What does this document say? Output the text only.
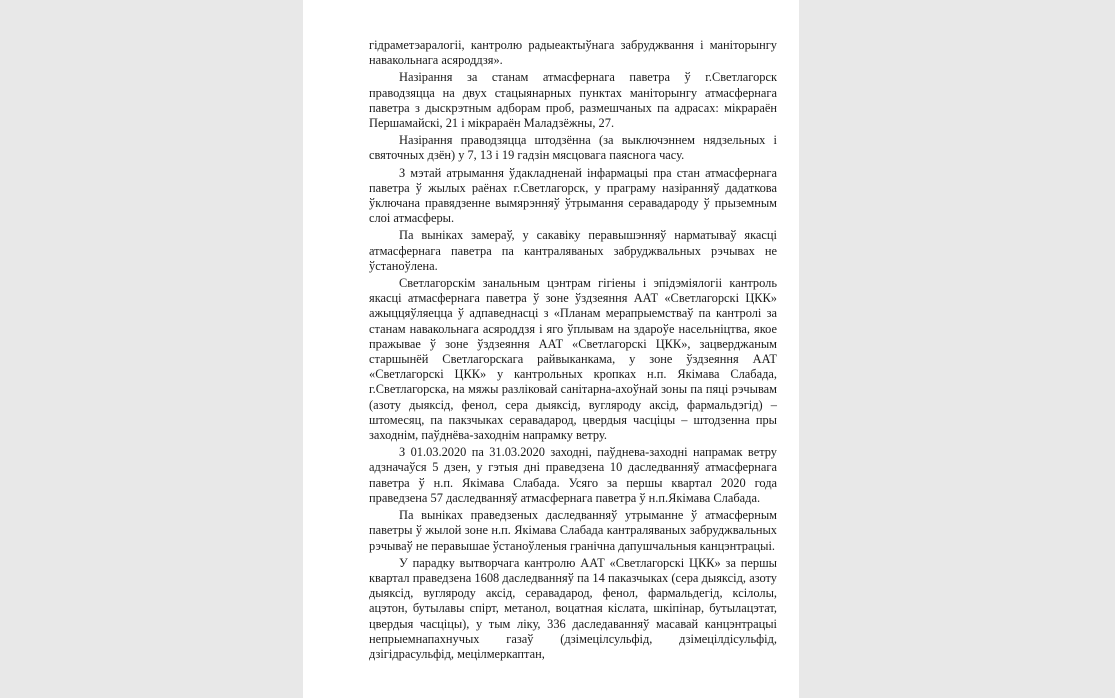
гідраметэаралогіі, кантролю радыеактыўнага забруджвання і маніторынгу навакольнага асяроддзя».

Назірання за станам атмасфернага паветра ў г.Светлагорск праводзяцца на двух стацыянарных пунктах маніторынгу атмасфернага паветра з дыскрэтным адборам проб, размешчаных па адрасах: мікрараён Першамайскі, 21 і мікрараён Маладзёжны, 27.

Назірання праводзяцца штодзённа (за выключэннем нядзельных і святочных дзён) у 7, 13 і 19 гадзін мясцовага паяснога часу.

З мэтай атрымання ўдакладненай інфармацыі пра стан атмасфернага паветра ў жылых раёнах г.Светлагорск, у праграму назіранняў дадаткова ўключана правядзенне вымярэнняў ўтрымання серавадароду ў прыземным слоі атмасферы.

Па выніках замераў, у сакавіку перавышэнняў нарматываў якасці атмасфернага паветра па кантраляваных забруджвальных рэчывах не ўстаноўлена.

Светлагорскім занальным цэнтрам гігіены і эпідэміялогіі кантроль якасці атмасфернага паветра ў зоне ўздзеяння ААТ «Светлагорскі ЦКК» ажыццяўляецца ў адпаведнасці з «Планам мерапрыемстваў па кантролі за станам навакольнага асяроддзя і яго ўплывам на здароўе насельніцтва, якое пражывае ў зоне ўздзеяння ААТ «Светлагорскі ЦКК», зацверджаным старшынёй Светлагорскага райвыканкама, у зоне ўздзеяння ААТ «Светлагорскі ЦКК» у кантрольных кропках н.п. Якімава Слабада, г.Светлагорска, на мяжы разліковай санітарна-ахоўнай зоны па пяці рэчывам (азоту дыяксід, фенол, сера дыяксід, вугляроду аксід, фармальдэгід) – штомесяц, па пакзчыках серавадарод, цвердыя часціцы – штодзенна пры заходнім, паўднёва-заходнім напрамку ветру.

З 01.03.2020 па 31.03.2020 заходні, паўднева-заходні напрамак ветру адзначаўся 5 дзен, у гэтыя дні праведзена 10 даследванняў атмасфернага паветра ў н.п. Якімава Слабада. Усяго за першы квартал 2020 года праведзена 57 даследванняў атмасфернага паветра ў н.п.Якімава Слабада.

Па выніках праведзеных даследванняў утрыманне ў атмасферным паветры ў жылой зоне н.п. Якімава Слабада кантраляваных забруджвальных рэчываў не перавышае ўстаноўленыя гранічна дапушчальныя канцэнтрацыі.

У парадку вытворчага кантролю ААТ «Светлагорскі ЦКК» за першы квартал праведзена 1608 даследванняў па 14 паказчыках (сера дыяксід, азоту дыяксід, вугляроду аксід, серавадарод, фенол, фармальдегід, ксілолы, ацэтон, бутылавы спірт, метанол, воцатная кіслата, шкіпінар, бутылацэтат, цвердыя часціцы), у тым ліку, 336 даследаванняў масавай канцэнтрацыі непрыемнапахнучых газаў (дзімецілсульфід, дзімецілдісульфід, дзігідрасульфід, мецілмеркаптан,
